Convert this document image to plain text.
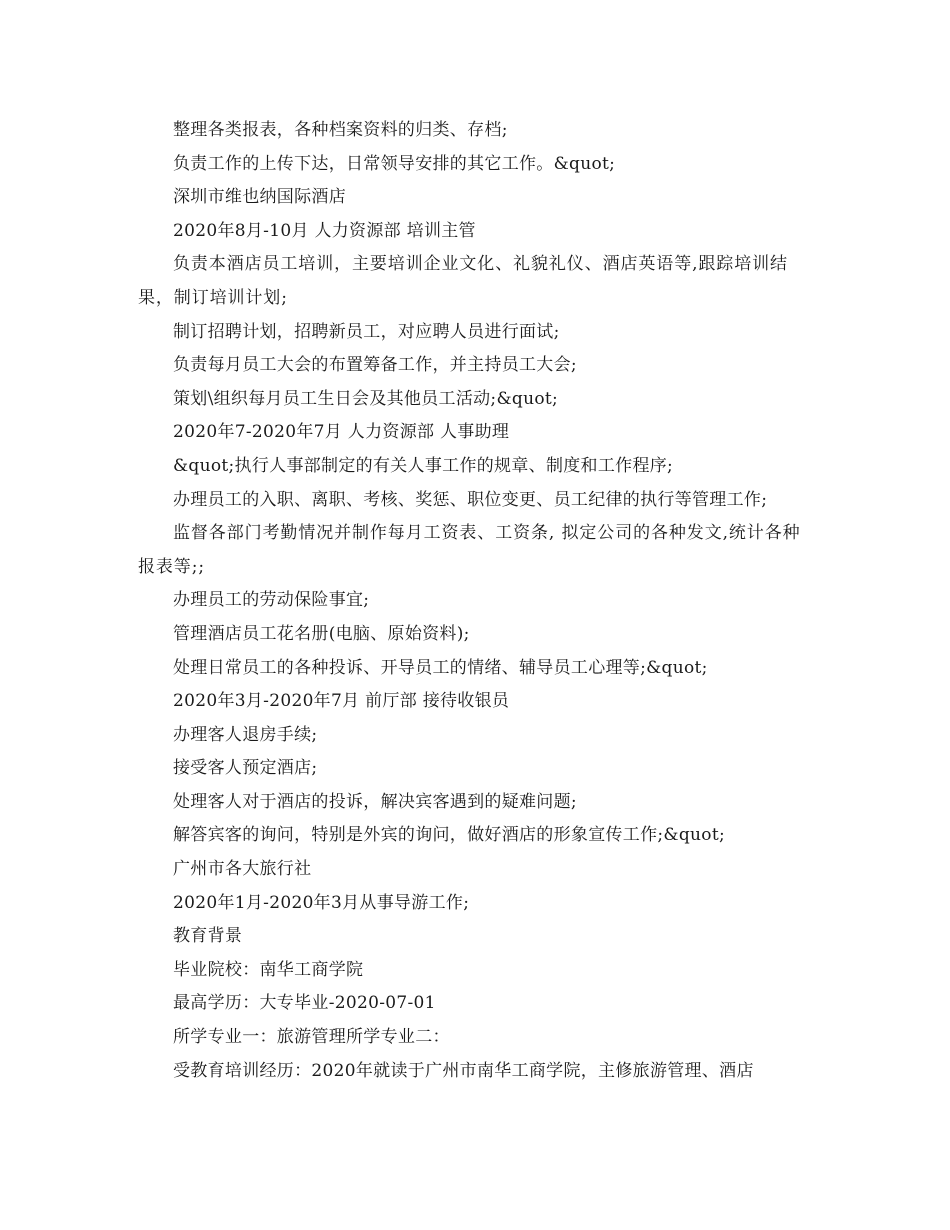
整理各类报表，各种档案资料的归类、存档;

负责工作的上传下达，日常领导安排的其它工作。&quot;

深圳市维也纳国际酒店

2020年8月-10月 人力资源部 培训主管

负责本酒店员工培训，主要培训企业文化、礼貌礼仪、酒店英语等,跟踪培训结果，制订培训计划;

制订招聘计划，招聘新员工，对应聘人员进行面试;

负责每月员工大会的布置筹备工作，并主持员工大会;

策划\组织每月员工生日会及其他员工活动;&quot;

2020年7-2020年7月 人力资源部 人事助理

&quot;执行人事部制定的有关人事工作的规章、制度和工作程序;

办理员工的入职、离职、考核、奖惩、职位变更、员工纪律的执行等管理工作;

监督各部门考勤情况并制作每月工资表、工资条, 拟定公司的各种发文,统计各种报表等;;

办理员工的劳动保险事宜;

管理酒店员工花名册(电脑、原始资料);

处理日常员工的各种投诉、开导员工的情绪、辅导员工心理等;&quot;

2020年3月-2020年7月 前厅部 接待收银员

办理客人退房手续;

接受客人预定酒店;

处理客人对于酒店的投诉，解决宾客遇到的疑难问题;

解答宾客的询问，特别是外宾的询问，做好酒店的形象宣传工作;&quot;

广州市各大旅行社

2020年1月-2020年3月从事导游工作;

教育背景

毕业院校：南华工商学院

最高学历：大专毕业-2020-07-01

所学专业一：旅游管理所学专业二：

受教育培训经历：2020年就读于广州市南华工商学院，主修旅游管理、酒店
